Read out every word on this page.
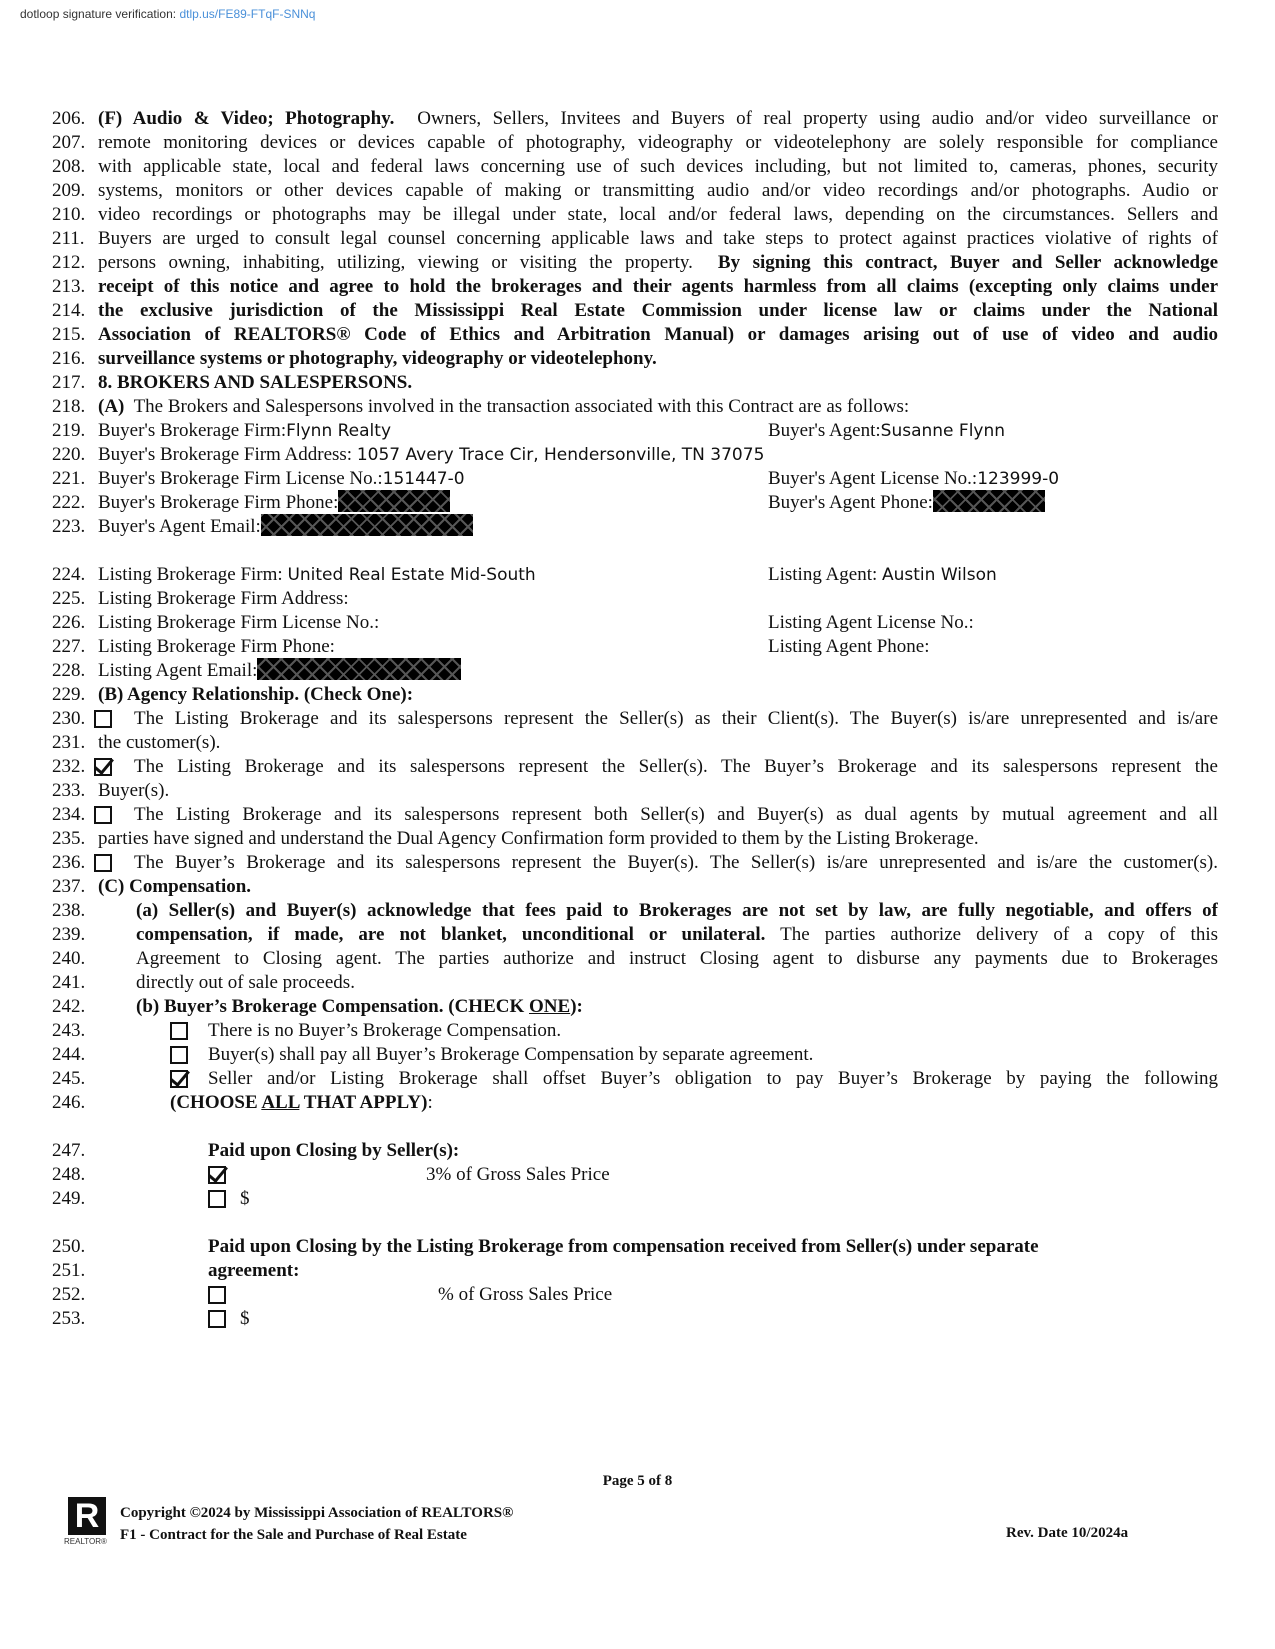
dotloop signature verification: dtlp.us/FE89-FTqF-SNNq
206. (F) Audio & Video; Photography. Owners, Sellers, Invitees and Buyers of real property using audio and/or video surveillance or
207. remote monitoring devices or devices capable of photography, videography or videotelephony are solely responsible for compliance
208. with applicable state, local and federal laws concerning use of such devices including, but not limited to, cameras, phones, security
209. systems, monitors or other devices capable of making or transmitting audio and/or video recordings and/or photographs. Audio or
210. video recordings or photographs may be illegal under state, local and/or federal laws, depending on the circumstances. Sellers and
211. Buyers are urged to consult legal counsel concerning applicable laws and take steps to protect against practices violative of rights of
212. persons owning, inhabiting, utilizing, viewing or visiting the property. By signing this contract, Buyer and Seller acknowledge
213. receipt of this notice and agree to hold the brokerages and their agents harmless from all claims (excepting only claims under
214. the exclusive jurisdiction of the Mississippi Real Estate Commission under license law or claims under the National
215. Association of REALTORS® Code of Ethics and Arbitration Manual) or damages arising out of use of video and audio
216. surveillance systems or photography, videography or videotelephony.
217. 8. BROKERS AND SALESPERSONS.
218. (A) The Brokers and Salespersons involved in the transaction associated with this Contract are as follows:
219. Buyer's Brokerage Firm:Flynn Realty	Buyer's Agent:Susanne Flynn
220. Buyer's Brokerage Firm Address: 1057 Avery Trace Cir, Hendersonville, TN 37075
221. Buyer's Brokerage Firm License No.:151447-0	Buyer's Agent License No.:123999-0
222. Buyer's Brokerage Firm Phone:	Buyer's Agent Phone:
223. Buyer's Agent Email:
224. Listing Brokerage Firm: United Real Estate Mid-South	Listing Agent: Austin Wilson
225. Listing Brokerage Firm Address:
226. Listing Brokerage Firm License No.:	Listing Agent License No.:
227. Listing Brokerage Firm Phone:	Listing Agent Phone:
228. Listing Agent Email:
229. (B) Agency Relationship. (Check One):
230.	The Listing Brokerage and its salespersons represent the Seller(s) as their Client(s). The Buyer(s) is/are unrepresented and is/are
231. the customer(s).
232.	The Listing Brokerage and its salespersons represent the Seller(s). The Buyer’s Brokerage and its salespersons represent the
233. Buyer(s).
234.	The Listing Brokerage and its salespersons represent both Seller(s) and Buyer(s) as dual agents by mutual agreement and all
235. parties have signed and understand the Dual Agency Confirmation form provided to them by the Listing Brokerage.
236.	The Buyer’s Brokerage and its salespersons represent the Buyer(s). The Seller(s) is/are unrepresented and is/are the customer(s).
237. (C) Compensation.
238.	(a) Seller(s) and Buyer(s) acknowledge that fees paid to Brokerages are not set by law, are fully negotiable, and offers of
239.	compensation, if made, are not blanket, unconditional or unilateral. The parties authorize delivery of a copy of this
240.	Agreement to Closing agent. The parties authorize and instruct Closing agent to disburse any payments due to Brokerages
241.	directly out of sale proceeds.
242.	(b) Buyer’s Brokerage Compensation. (CHECK ONE):
243.	There is no Buyer’s Brokerage Compensation.
244.	Buyer(s) shall pay all Buyer’s Brokerage Compensation by separate agreement.
245.	Seller and/or Listing Brokerage shall offset Buyer’s obligation to pay Buyer’s Brokerage by paying the following
246.	(CHOOSE ALL THAT APPLY):
247.	Paid upon Closing by Seller(s):
248.	3% of Gross Sales Price
249.	$
250.	Paid upon Closing by the Listing Brokerage from compensation received from Seller(s) under separate
251.	agreement:
252.	% of Gross Sales Price
253.	$
Page 5 of 8
R
REALTOR®
Copyright ©2024 by Mississippi Association of REALTORS®
F1 - Contract for the Sale and Purchase of Real Estate	Rev. Date 10/2024a
